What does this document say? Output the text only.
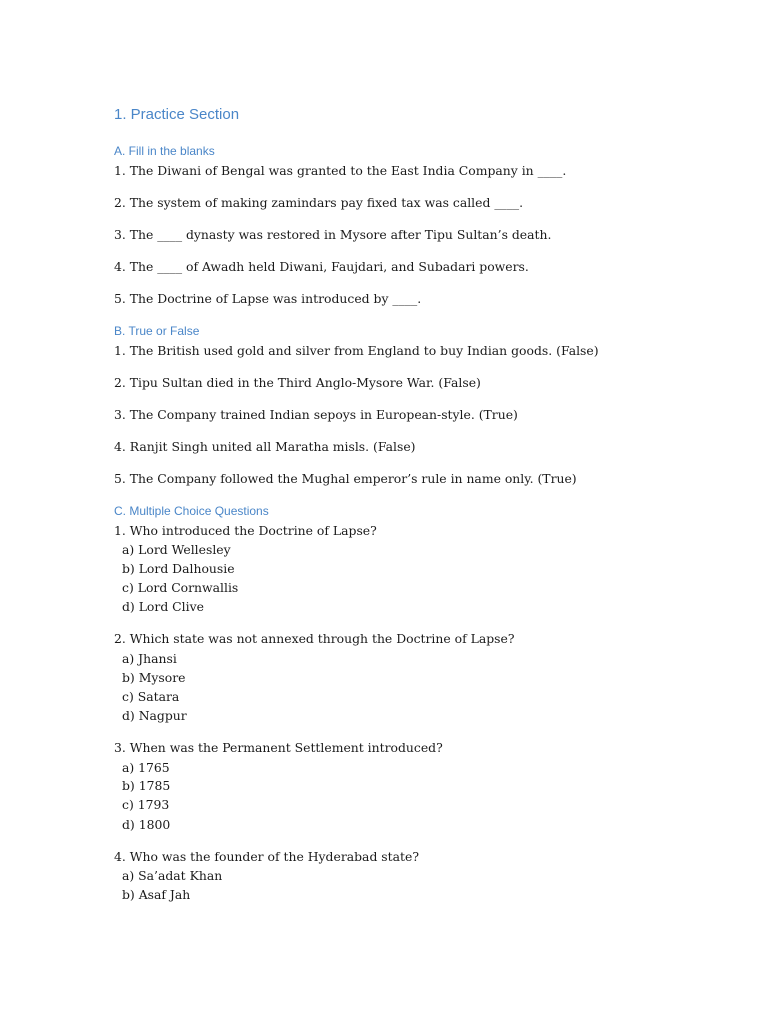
1. Practice Section
A. Fill in the blanks
1. The Diwani of Bengal was granted to the East India Company in ____.
2. The system of making zamindars pay fixed tax was called ____.
3. The ____ dynasty was restored in Mysore after Tipu Sultan’s death.
4. The ____ of Awadh held Diwani, Faujdari, and Subadari powers.
5. The Doctrine of Lapse was introduced by ____.
B. True or False
1. The British used gold and silver from England to buy Indian goods. (False)
2. Tipu Sultan died in the Third Anglo-Mysore War. (False)
3. The Company trained Indian sepoys in European-style. (True)
4. Ranjit Singh united all Maratha misls. (False)
5. The Company followed the Mughal emperor’s rule in name only. (True)
C. Multiple Choice Questions
1. Who introduced the Doctrine of Lapse?
a) Lord Wellesley
b) Lord Dalhousie
c) Lord Cornwallis
d) Lord Clive
2. Which state was not annexed through the Doctrine of Lapse?
a) Jhansi
b) Mysore
c) Satara
d) Nagpur
3. When was the Permanent Settlement introduced?
a) 1765
b) 1785
c) 1793
d) 1800
4. Who was the founder of the Hyderabad state?
a) Sa’adat Khan
b) Asaf Jah
